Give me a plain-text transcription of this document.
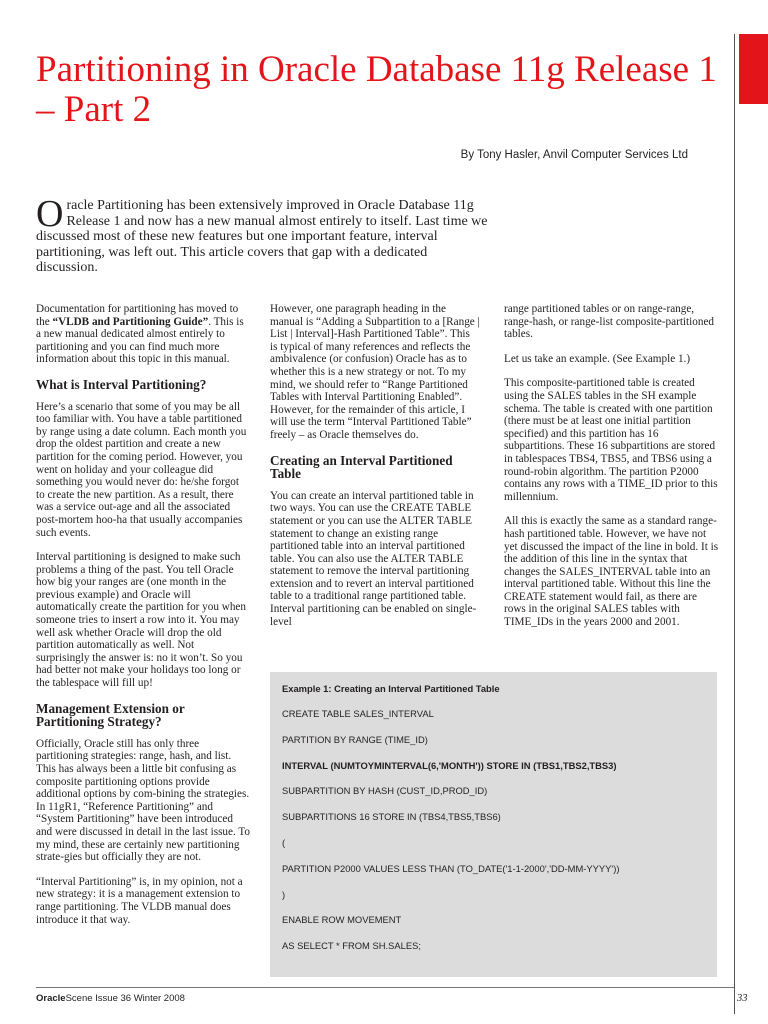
Partitioning in Oracle Database 11g Release 1 – Part 2
By Tony Hasler, Anvil Computer Services Ltd

Oracle Partitioning has been extensively improved in Oracle Database 11g Release 1 and now has a new manual almost entirely to itself. Last time we discussed most of these new features but one important feature, interval partitioning, was left out. This article covers that gap with a dedicated discussion.

Documentation for partitioning has moved to the “VLDB and Partitioning Guide”. This is a new manual dedicated almost entirely to partitioning and you can find much more information about this topic in this manual.

What is Interval Partitioning?

Here’s a scenario that some of you may be all too familiar with. You have a table partitioned by range using a date column. Each month you drop the oldest partition and create a new partition for the coming period. However, you went on holiday and your colleague did something you would never do: he/she forgot to create the new partition. As a result, there was a service out-age and all the associated post-mortem hoo-ha that usually accompanies such events.

Interval partitioning is designed to make such problems a thing of the past. You tell Oracle how big your ranges are (one month in the previous example) and Oracle will automatically create the partition for you when someone tries to insert a row into it. You may well ask whether Oracle will drop the old partition automatically as well. Not surprisingly the answer is: no it won’t. So you had better not make your holidays too long or the tablespace will fill up!

Management Extension or Partitioning Strategy?

Officially, Oracle still has only three partitioning strategies: range, hash, and list. This has always been a little bit confusing as composite partitioning options provide additional options by com-bining the strategies. In 11gR1, “Reference Partitioning” and “System Partitioning” have been introduced and were discussed in detail in the last issue. To my mind, these are certainly new partitioning strate-gies but officially they are not.

“Interval Partitioning” is, in my opinion, not a new strategy: it is a management extension to range partitioning. The VLDB manual does introduce it that way.

However, one paragraph heading in the manual is “Adding a Subpartition to a [Range | List | Interval]-Hash Partitioned Table”. This is typical of many references and reflects the ambivalence (or confusion) Oracle has as to whether this is a new strategy or not. To my mind, we should refer to “Range Partitioned Tables with Interval Partitioning Enabled”. However, for the remainder of this article, I will use the term “Interval Partitioned Table” freely – as Oracle themselves do.

Creating an Interval Partitioned Table

You can create an interval partitioned table in two ways. You can use the CREATE TABLE statement or you can use the ALTER TABLE statement to change an existing range partitioned table into an interval partitioned table. You can also use the ALTER TABLE statement to remove the interval partitioning extension and to revert an interval partitioned table to a traditional range partitioned table. Interval partitioning can be enabled on single-level

range partitioned tables or on range-range, range-hash, or range-list composite-partitioned tables.

Let us take an example. (See Example 1.)

This composite-partitioned table is created using the SALES tables in the SH example schema. The table is created with one partition (there must be at least one initial partition specified) and this partition has 16 subpartitions. These 16 subpartitions are stored in tablespaces TBS4, TBS5, and TBS6 using a round-robin algorithm. The partition P2000 contains any rows with a TIME_ID prior to this millennium.

All this is exactly the same as a standard range-hash partitioned table. However, we have not yet discussed the impact of the line in bold. It is the addition of this line in the syntax that changes the SALES_INTERVAL table into an interval partitioned table. Without this line the CREATE statement would fail, as there are rows in the original SALES tables with TIME_IDs in the years 2000 and 2001.

Example 1: Creating an Interval Partitioned Table
CREATE TABLE SALES_INTERVAL
PARTITION BY RANGE (TIME_ID)
INTERVAL (NUMTOYMINTERVAL(6,'MONTH')) STORE IN (TBS1,TBS2,TBS3)
SUBPARTITION BY HASH (CUST_ID,PROD_ID)
SUBPARTITIONS 16 STORE IN (TBS4,TBS5,TBS6)
(
PARTITION P2000 VALUES LESS THAN (TO_DATE('1-1-2000','DD-MM-YYYY'))
)
ENABLE ROW MOVEMENT
AS SELECT * FROM SH.SALES;
OracleScene Issue 36 Winter 2008	33
